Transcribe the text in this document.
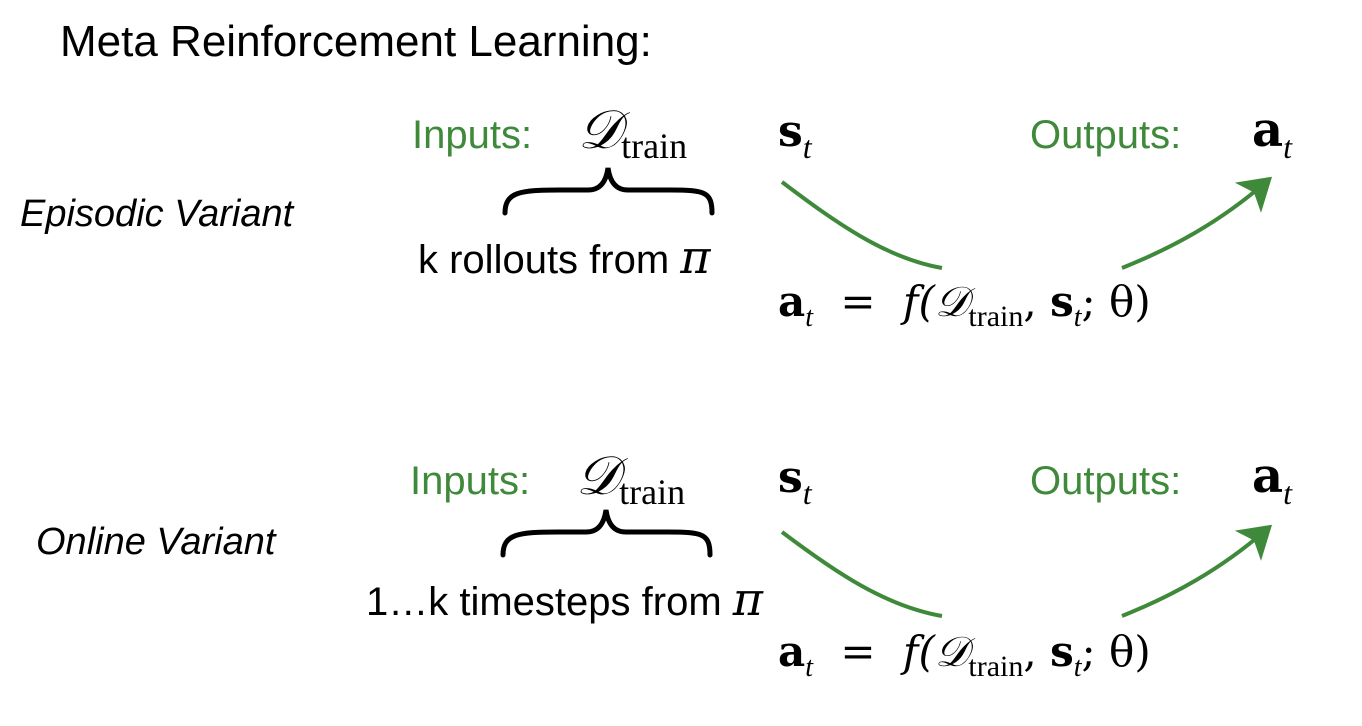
Meta Reinforcement Learning:
Episodic Variant
Inputs: 𝒟train st	Outputs: at
k rollouts from π
$a_t$ = f(𝒟$_{train}$, $s_t$; θ)
Online Variant
Inputs: 𝒟train st	Outputs: at
1…k timesteps from π
$a_t$ = f(𝒟$_{train}$, $s_t$; θ)
